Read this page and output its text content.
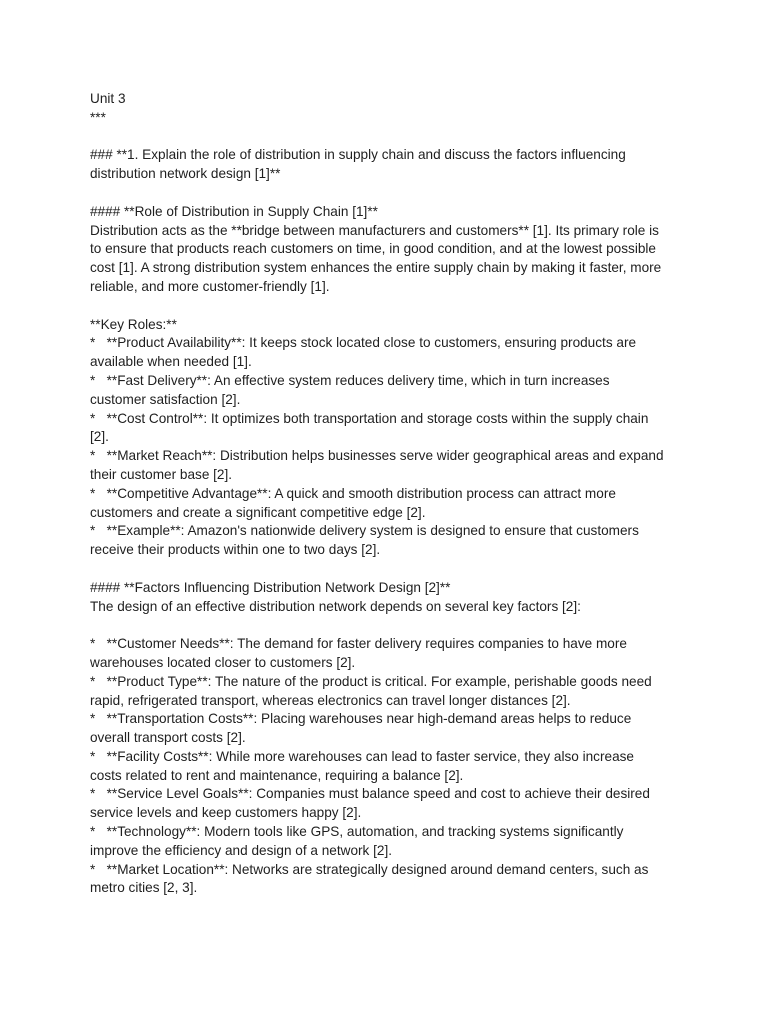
Unit 3

***

### **1. Explain the role of distribution in supply chain and discuss the factors influencing

distribution network design [1]**

#### **Role of Distribution in Supply Chain [1]**

Distribution acts as the **bridge between manufacturers and customers** [1]. Its primary role is

to ensure that products reach customers on time, in good condition, and at the lowest possible

cost [1]. A strong distribution system enhances the entire supply chain by making it faster, more

reliable, and more customer-friendly [1].

**Key Roles:**

*   **Product Availability**: It keeps stock located close to customers, ensuring products are

available when needed [1].

*   **Fast Delivery**: An effective system reduces delivery time, which in turn increases

customer satisfaction [2].

*   **Cost Control**: It optimizes both transportation and storage costs within the supply chain

[2].

*   **Market Reach**: Distribution helps businesses serve wider geographical areas and expand

their customer base [2].

*   **Competitive Advantage**: A quick and smooth distribution process can attract more

customers and create a significant competitive edge [2].

*   **Example**: Amazon's nationwide delivery system is designed to ensure that customers

receive their products within one to two days [2].

#### **Factors Influencing Distribution Network Design [2]**

The design of an effective distribution network depends on several key factors [2]:

*   **Customer Needs**: The demand for faster delivery requires companies to have more

warehouses located closer to customers [2].

*   **Product Type**: The nature of the product is critical. For example, perishable goods need

rapid, refrigerated transport, whereas electronics can travel longer distances [2].

*   **Transportation Costs**: Placing warehouses near high-demand areas helps to reduce

overall transport costs [2].

*   **Facility Costs**: While more warehouses can lead to faster service, they also increase

costs related to rent and maintenance, requiring a balance [2].

*   **Service Level Goals**: Companies must balance speed and cost to achieve their desired

service levels and keep customers happy [2].

*   **Technology**: Modern tools like GPS, automation, and tracking systems significantly

improve the efficiency and design of a network [2].

*   **Market Location**: Networks are strategically designed around demand centers, such as

metro cities [2, 3].
